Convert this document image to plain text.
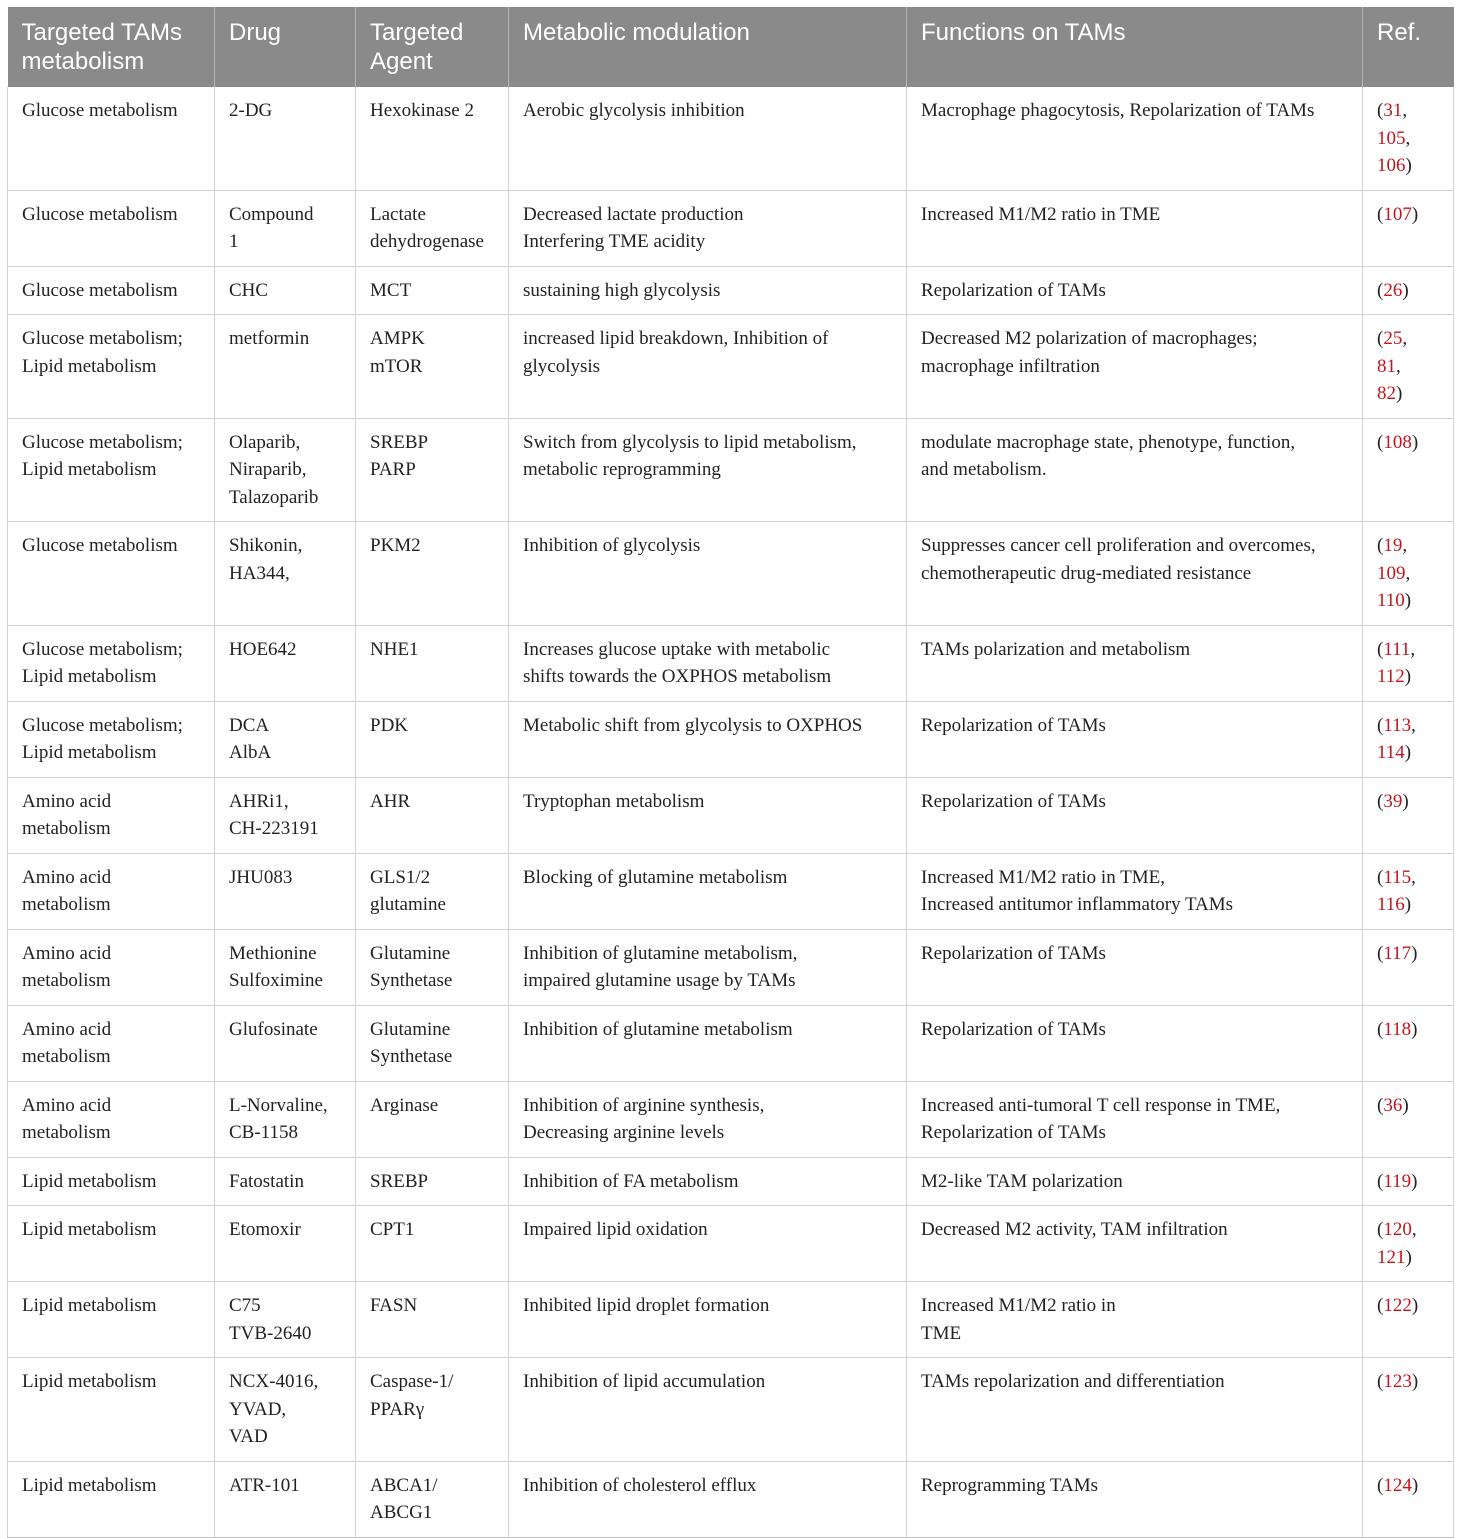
Targeted TAMs
metabolism	Drug	Targeted
Agent	Metabolic modulation	Functions on TAMs	Ref.

Glucose metabolism	2-DG	Hexokinase 2	Aerobic glycolysis inhibition	Macrophage phagocytosis, Repolarization of TAMs	(31,
105,
106)

Glucose metabolism	Compound
1	Lactate
dehydrogenase	Decreased lactate production
Interfering TME acidity	Increased M1/M2 ratio in TME	(107)

Glucose metabolism	CHC	MCT	sustaining high glycolysis	Repolarization of TAMs	(26)

Glucose metabolism;
Lipid metabolism	metformin	AMPK
mTOR	increased lipid breakdown, Inhibition of
glycolysis	Decreased M2 polarization of macrophages;
macrophage infiltration	(25,
81,
82)

Glucose metabolism;
Lipid metabolism	Olaparib,
Niraparib,
Talazoparib	SREBP
PARP	Switch from glycolysis to lipid metabolism,
metabolic reprogramming	modulate macrophage state, phenotype, function,
and metabolism.	(108)

Glucose metabolism	Shikonin,
HA344,	PKM2	Inhibition of glycolysis	Suppresses cancer cell proliferation and overcomes,
chemotherapeutic drug-mediated resistance	(19,
109,
110)

Glucose metabolism;
Lipid metabolism	HOE642	NHE1	Increases glucose uptake with metabolic
shifts towards the OXPHOS metabolism	TAMs polarization and metabolism	(111,
112)

Glucose metabolism;
Lipid metabolism	DCA
AlbA	PDK	Metabolic shift from glycolysis to OXPHOS	Repolarization of TAMs	(113,
114)

Amino acid
metabolism	AHRi1,
CH-223191	AHR	Tryptophan metabolism	Repolarization of TAMs	(39)

Amino acid
metabolism	JHU083	GLS1/2
glutamine	Blocking of glutamine metabolism	Increased M1/M2 ratio in TME,
Increased antitumor inflammatory TAMs	(115,
116)

Amino acid
metabolism	Methionine
Sulfoximine	Glutamine
Synthetase	Inhibition of glutamine metabolism,
impaired glutamine usage by TAMs	Repolarization of TAMs	(117)

Amino acid
metabolism	Glufosinate	Glutamine
Synthetase	Inhibition of glutamine metabolism	Repolarization of TAMs	(118)

Amino acid
metabolism	L-Norvaline,
CB-1158	Arginase	Inhibition of arginine synthesis,
Decreasing arginine levels	Increased anti-tumoral T cell response in TME,
Repolarization of TAMs	(36)

Lipid metabolism	Fatostatin	SREBP	Inhibition of FA metabolism	M2-like TAM polarization	(119)

Lipid metabolism	Etomoxir	CPT1	Impaired lipid oxidation	Decreased M2 activity, TAM infiltration	(120,
121)

Lipid metabolism	C75
TVB-2640	FASN	Inhibited lipid droplet formation	Increased M1/M2 ratio in
TME	(122)

Lipid metabolism	NCX-4016,
YVAD,
VAD	Caspase-1/
PPARγ	Inhibition of lipid accumulation	TAMs repolarization and differentiation	(123)

Lipid metabolism	ATR-101	ABCA1/
ABCG1	Inhibition of cholesterol efflux	Reprogramming TAMs	(124)
